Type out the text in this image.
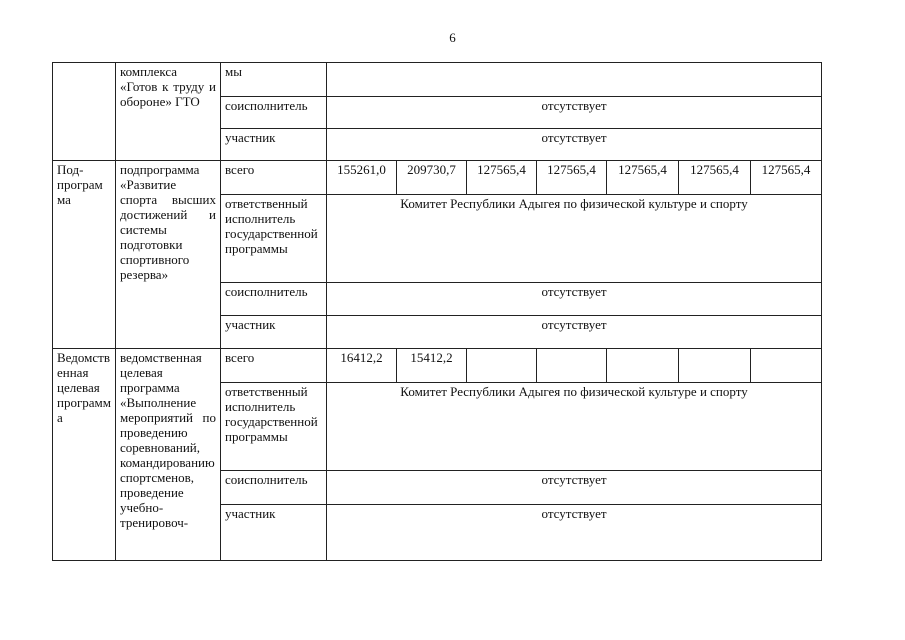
6
	комплекса «Готов к труду и обороне» ГТО	мы							
		соисполнитель	отсутствует						
		участник	отсутствует						
Под-програм ма	подпрограмма «Развитие спорта высших достижений и системы подготовки спортивного резерва»	всего	155261,0	209730,7	127565,4	127565,4	127565,4	127565,4	127565,4
		ответственный исполнитель государственной программы	Комитет Республики Адыгея по физической культуре и спорту						
		соисполнитель	отсутствует						
		участник	отсутствует						
Ведомственная целевая программа	ведомственная целевая программа «Выполнение мероприятий по проведению соревнований, командированию спортсменов, проведение учебно-тренировоч-	всего	16412,2	15412,2					
		ответственный исполнитель государственной программы	Комитет Республики Адыгея по физической культуре и спорту						
		соисполнитель	отсутствует						
		участник	отсутствует						
